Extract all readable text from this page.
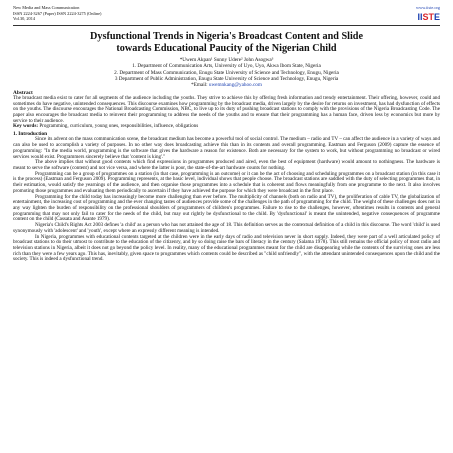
New Media and Mass Communication
ISSN 2224-3267 (Paper) ISSN 2224-3275 (Online)
Vol.30, 2014
www.iiste.org
IISTE
Dysfunctional Trends in Nigeria's Broadcast Content and Slide
towards Educational Paucity of the Nigerian Child
*Uwem Akpan¹ Sunny Udere² John Asogwa³
1. Department of Communication Arts, University of Uyo, Uyo, Akwa Ibom State, Nigeria
2. Department of Mass Communication, Enugu State University of Science and Technology, Enugu, Nigeria
3 Department of Public Administration, Enugu State University of Science and Technology, Enugu, Nigeria
*Email: uwemnkang@yahoo.com
Abstract

The broadcast media exist to cater for all segments of the audience including the youths. They strive to achieve this by offering fresh information and trendy entertainment. Their offering, however, could and sometimes do have negative, unintended consequences. This discourse examines how programming by the broadcast media, driven largely by the desire for returns on investment, has had dysfunction of effects on the youths. The discourse encourages the National Broadcasting Commission, NBC, to live up to its duty of pushing broadcast stations to comply with the provisions of the Nigeria Broadcasting Code. The paper also encourages the broadcast media to reinvent their programming to address the needs of the youths and to ensure that their programming has a human face, driven less by economics but more by service to their audience.

Key words: Programming, curriculum, young ones, responsibilities, influence, obligations

1. Introduction

Since its advent on the mass communication scene, the broadcast medium has become a powerful tool of social control. The medium – radio and TV – can affect the audience in a variety of ways and can also be used to accomplish a variety of purposes. In no other way does broadcasting achieve this than in its contents and overall programming. Eastman and Ferguson (2009) capture the essence of programming: "In the media world, programming is the software that gives the hardware a reason for existence. Both are necessary for the system to work, but without programming no broadcast or wired services would exist. Programmers sincerely believe that 'content is king'."

The above implies that without good contents which find expressions in programmes produced and aired, even the best of equipment (hardware) would amount to nothingness. The hardware is meant to serve the software (content) and not vice versa, and where the latter is poor, the state-of-the-art hardware counts for nothing.

Programming can be a group of programmes on a station (in that case, programming is an outcome) or it can be the act of choosing and scheduling programmes on a broadcast station (in this case it is the process) (Eastman and Ferguson 2009). Programming represents, at the basic level, individual shows that people choose. The broadcast stations are saddled with the duty of selecting programmes that, in their estimation, would satisfy the yearnings of the audience, and then organise those programmes into a schedule that is coherent and flows meaningfully from one programme to the next. It also involves promoting those programmes and evaluating them periodically to ascertain if they have achieved the purpose for which they were broadcast in the first place.

Programming for the child today has increasingly become more challenging than ever before. The multiplicity of channels (both on radio and TV), the proliferation of cable TV, the globalization of entertainment, the increasing cost of programming and the ever changing tastes of audiences provide some of the challenges in the path of programming for the child. The weight of these challenges does not in any way lighten the burden of responsibility on the professional shoulders of programmers of children's programmes. Failure to rise to the challenges, however, oftentimes results in contents and general programming that may not only fail to cater for the needs of the child, but may out rightly be dysfunctional to the child. By 'dysfunctional' is meant the unintended, negative consequences of programme content on the child (Cassata and Asante 1979).

Nigeria's Child's Rights Act 2003 defines 'a child' as a person who has not attained the age of 18. This definition serves as the contextual definition of a child in this discourse. The word 'child' is used synonymously with 'adolescent' and 'youth', except where an expressly different meaning is intended.

In Nigeria, programmes with educational contents targeted at the children were in the early days of radio and television never in short supply. Indeed, they were part of a well articulated policy of broadcast stations to do their utmost to contribute to the education of the citizenry, and by so doing raise the bars of literacy in the century (Salama 1978). This still remains the official policy of most radio and television stations in Nigeria, albeit it does not go beyond the policy level. In reality, many of the educational programmes meant for the child are disappearing while the contents of the surviving ones are less rich than they were a few years ago. This has, inevitably, given space to programmes which contents could be described as "child unfriendly", with the attendant unintended consequences upon the child and the society. This is indeed a dysfunctional trend.
